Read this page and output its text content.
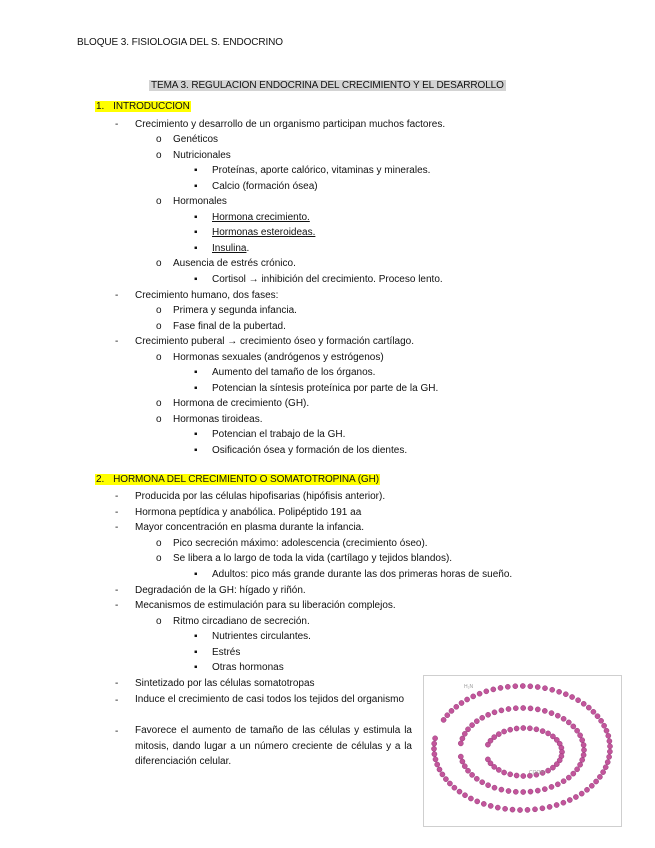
BLOQUE 3. FISIOLOGIA DEL S. ENDOCRINO
TEMA 3. REGULACION ENDOCRINA DEL CRECIMIENTO Y EL DESARROLLO
1. INTRODUCCION
- Crecimiento y desarrollo de un organismo participan muchos factores.
o Genéticos
o Nutricionales
▪ Proteínas, aporte calórico, vitaminas y minerales.
▪ Calcio (formación ósea)
o Hormonales
▪ Hormona crecimiento.
▪ Hormonas esteroideas.
▪ Insulina.
o Ausencia de estrés crónico.
▪ Cortisol → inhibición del crecimiento. Proceso lento.
- Crecimiento humano, dos fases:
o Primera y segunda infancia.
o Fase final de la pubertad.
- Crecimiento puberal → crecimiento óseo y formación cartílago.
o Hormonas sexuales (andrógenos y estrógenos)
▪ Aumento del tamaño de los órganos.
▪ Potencian la síntesis proteínica por parte de la GH.
o Hormona de crecimiento (GH).
o Hormonas tiroideas.
▪ Potencian el trabajo de la GH.
▪ Osificación ósea y formación de los dientes.
2. HORMONA DEL CRECIMIENTO O SOMATOTROPINA (GH)
- Producida por las células hipofisarias (hipófisis anterior).
- Hormona peptídica y anabólica. Polipéptido 191 aa
- Mayor concentración en plasma durante la infancia.
o Pico secreción máximo: adolescencia (crecimiento óseo).
o Se libera a lo largo de toda la vida (cartílago y tejidos blandos).
▪ Adultos: pico más grande durante las dos primeras horas de sueño.
- Degradación de la GH: hígado y riñón.
- Mecanismos de estimulación para su liberación complejos.
o Ritmo circadiano de secreción.
▪ Nutrientes circulantes.
▪ Estrés
▪ Otras hormonas
- Sintetizado por las células somatotropas
- Induce el crecimiento de casi todos los tejidos del organismo

- Favorece el aumento de tamaño de las células y estimula la mitosis, dando lugar a un número creciente de células y a la diferenciación celular.

H₂N
COOH
